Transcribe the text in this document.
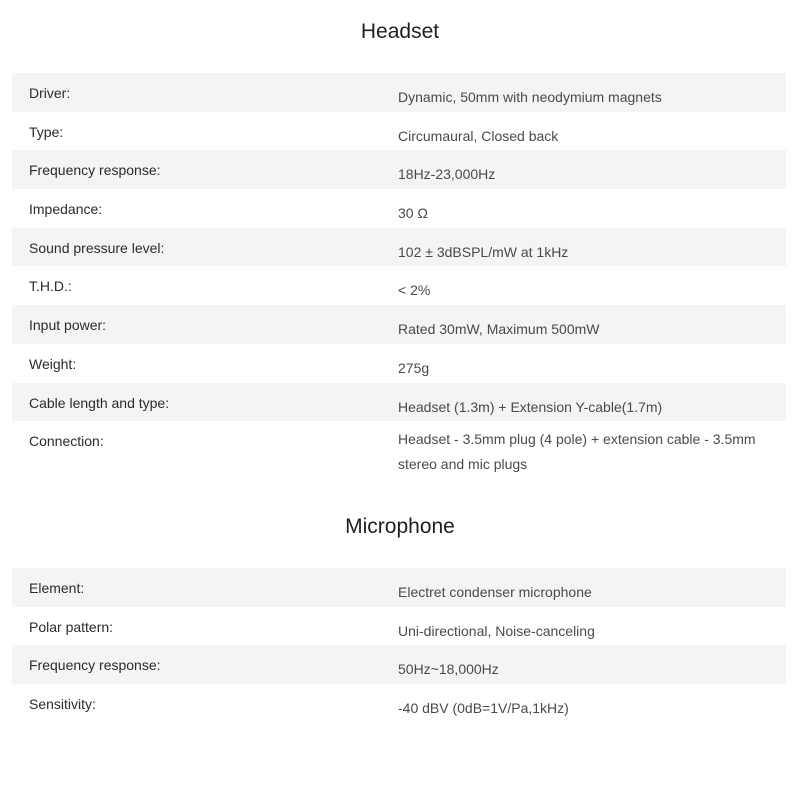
Headset
Driver:	Dynamic, 50mm with neodymium magnets
Type:	Circumaural, Closed back
Frequency response:	18Hz-23,000Hz
Impedance:	30 Ω
Sound pressure level:	102 ± 3dBSPL/mW at 1kHz
T.H.D.:	< 2%
Input power:	Rated 30mW, Maximum 500mW
Weight:	275g
Cable length and type:	Headset (1.3m) + Extension Y-cable(1.7m)
Connection:	Headset - 3.5mm plug (4 pole) + extension cable - 3.5mm stereo and mic plugs
Microphone
Element:	Electret condenser microphone
Polar pattern:	Uni-directional, Noise-canceling
Frequency response:	50Hz~18,000Hz
Sensitivity:	-40 dBV (0dB=1V/Pa,1kHz)
